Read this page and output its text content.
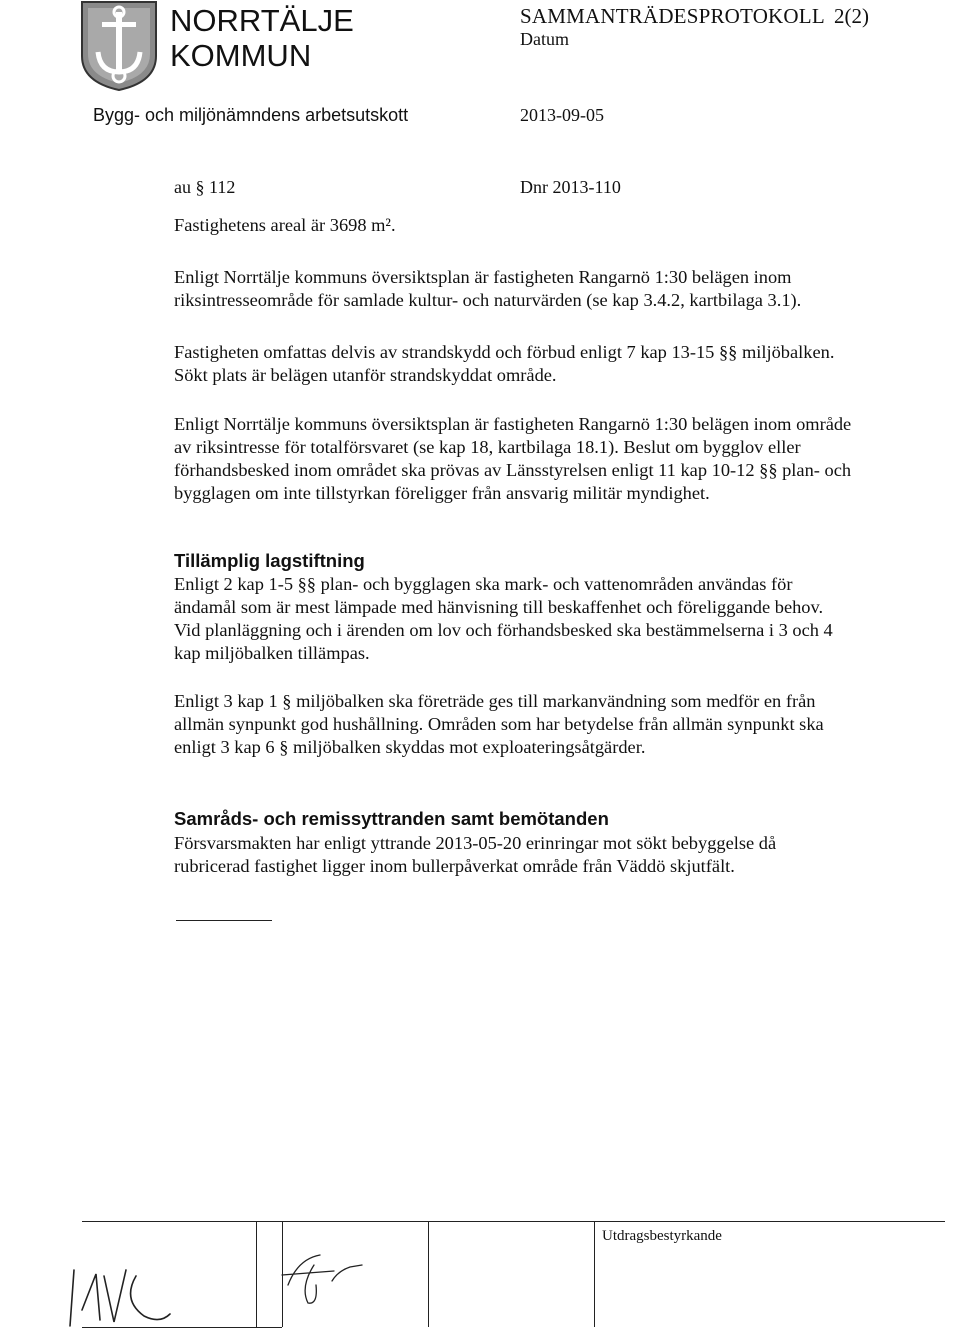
NORRTÄLJE
KOMMUN
SAMMANTRÄDESPROTOKOLL 2(2)
Datum
Bygg- och miljönämndens arbetsutskott	2013-09-05
au § 112	Dnr 2013-110
Fastighetens areal är 3698 m².
Enligt Norrtälje kommuns översiktsplan är fastigheten Rangarnö 1:30 belägen inom
riksintresseområde för samlade kultur- och naturvärden (se kap 3.4.2, kartbilaga 3.1).
Fastigheten omfattas delvis av strandskydd och förbud enligt 7 kap 13-15 §§ miljöbalken.
Sökt plats är belägen utanför strandskyddat område.
Enligt Norrtälje kommuns översiktsplan är fastigheten Rangarnö 1:30 belägen inom område
av riksintresse för totalförsvaret (se kap 18, kartbilaga 18.1). Beslut om bygglov eller
förhandsbesked inom området ska prövas av Länsstyrelsen enligt 11 kap 10-12 §§ plan- och
bygglagen om inte tillstyrkan föreligger från ansvarig militär myndighet.
Tillämplig lagstiftning
Enligt 2 kap 1-5 §§ plan- och bygglagen ska mark- och vattenområden användas för
ändamål som är mest lämpade med hänvisning till beskaffenhet och föreliggande behov.
Vid planläggning och i ärenden om lov och förhandsbesked ska bestämmelserna i 3 och 4
kap miljöbalken tillämpas.
Enligt 3 kap 1 § miljöbalken ska företräde ges till markanvändning som medför en från
allmän synpunkt god hushållning. Områden som har betydelse från allmän synpunkt ska
enligt 3 kap 6 § miljöbalken skyddas mot exploateringsåtgärder.
Samråds- och remissyttranden samt bemötanden
Försvarsmakten har enligt yttrande 2013-05-20 erinringar mot sökt bebyggelse då
rubricerad fastighet ligger inom bullerpåverkat område från Väddö skjutfält.
Utdragsbestyrkande
